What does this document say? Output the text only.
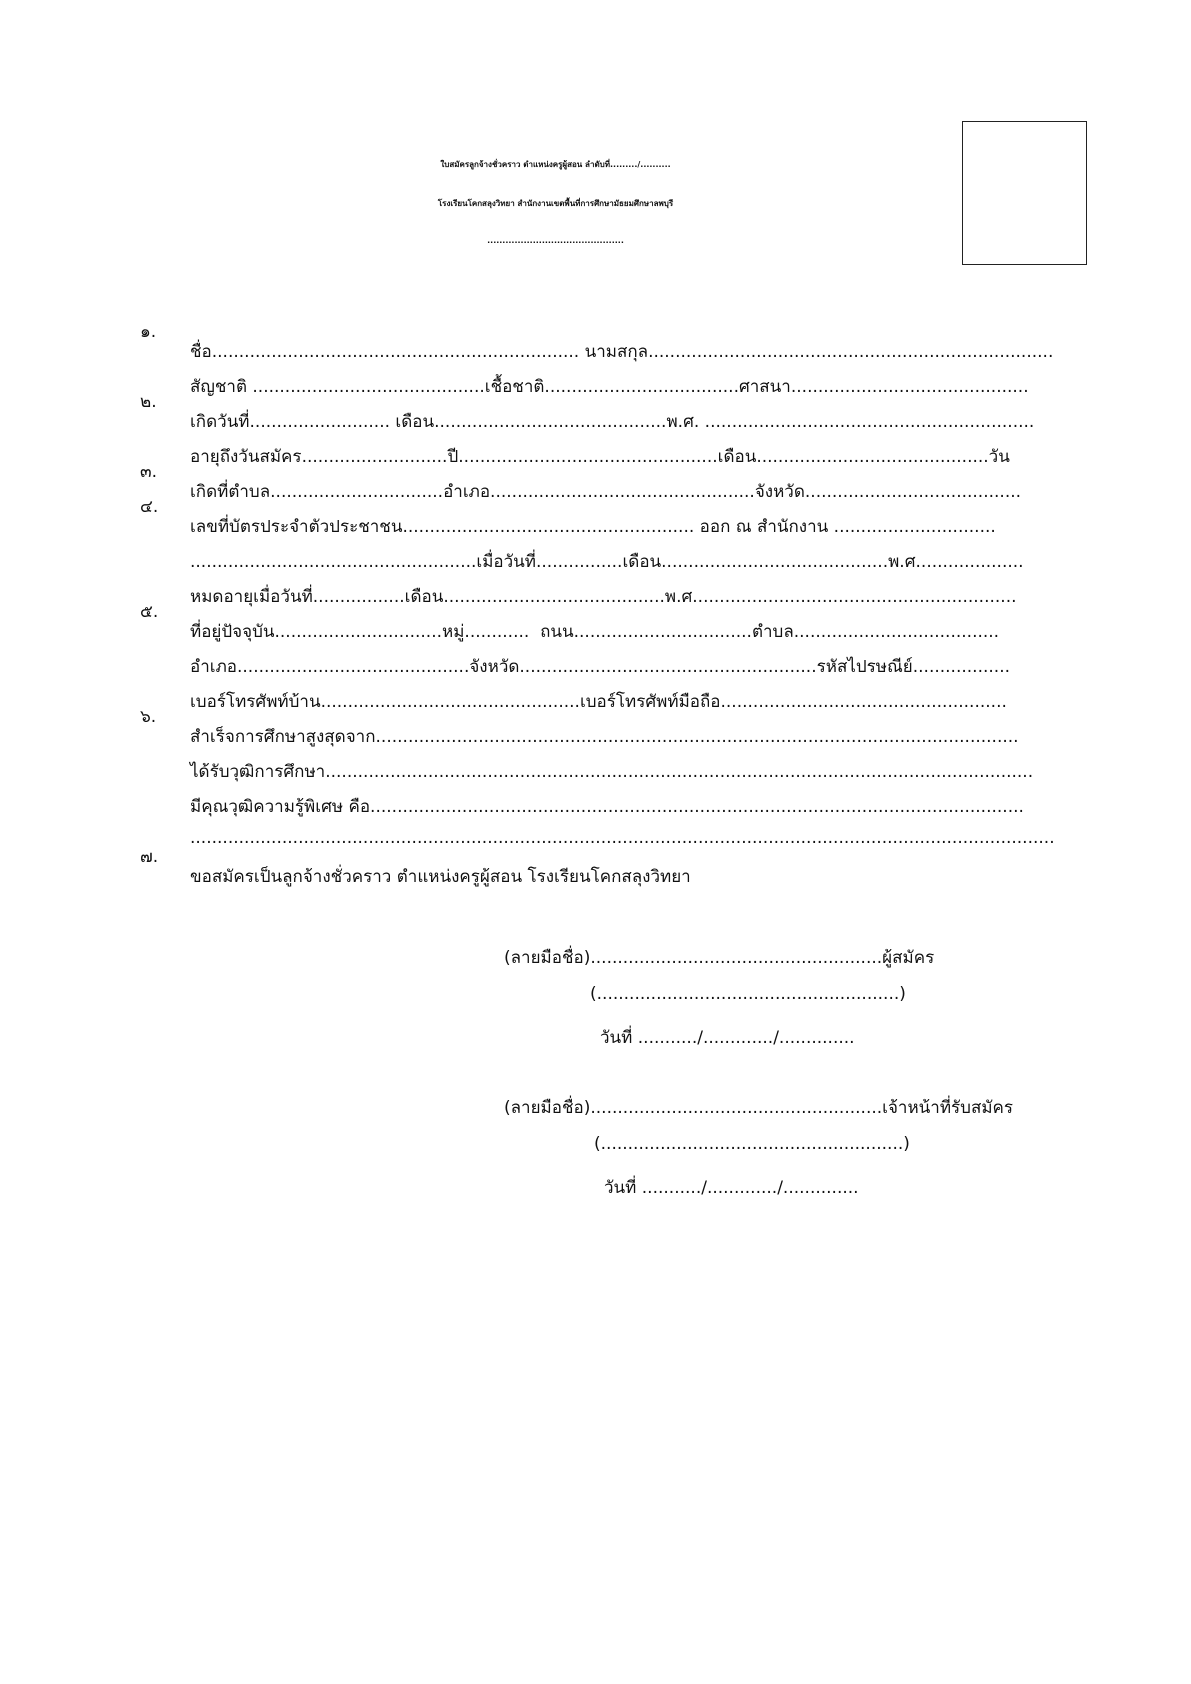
ใบสมัครลูกจ้างชั่วคราว ตำแหน่งครูผู้สอน ลำดับที่........./..........
โรงเรียนโคกสลุงวิทยา สำนักงานเขตพื้นที่การศึกษามัธยมศึกษาลพบุรี
.............................................

๑.

ชื่อ.................................................................... นามสกุล...........................................................................

สัญชาติ ...........................................เชื้อชาติ....................................ศาสนา............................................

๒.

เกิดวันที่.......................... เดือน...........................................พ.ศ. .............................................................

อายุถึงวันสมัคร...........................ปี................................................เดือน...........................................วัน

๓.

เกิดที่ตำบล................................อำเภอ.................................................จังหวัด........................................

๔.

เลขที่บัตรประจำตัวประชาชน...................................................... ออก ณ สำนักงาน ..............................

.....................................................เมื่อวันที่................เดือน..........................................พ.ศ....................

หมดอายุเมื่อวันที่.................เดือน.........................................พ.ศ............................................................

๕.

ที่อยู่ปัจจุบัน...............................หมู่............  ถนน.................................ตำบล......................................

อำเภอ...........................................จังหวัด.......................................................รหัสไปรษณีย์..................

เบอร์โทรศัพท์บ้าน................................................เบอร์โทรศัพท์มือถือ.....................................................

๖.

สำเร็จการศึกษาสูงสุดจาก.......................................................................................................................

ได้รับวุฒิการศึกษา...................................................................................................................................

มีคุณวุฒิความรู้พิเศษ คือ.........................................................................................................................

................................................................................................................................................................

๗.

ขอสมัครเป็นลูกจ้างชั่วคราว ตำแหน่งครูผู้สอน โรงเรียนโคกสลุงวิทยา

(ลายมือชื่อ)......................................................ผู้สมัคร
(........................................................)
วันที่ .........../............./..............
(ลายมือชื่อ)......................................................เจ้าหน้าที่รับสมัคร
(........................................................)
วันที่ .........../............./..............
